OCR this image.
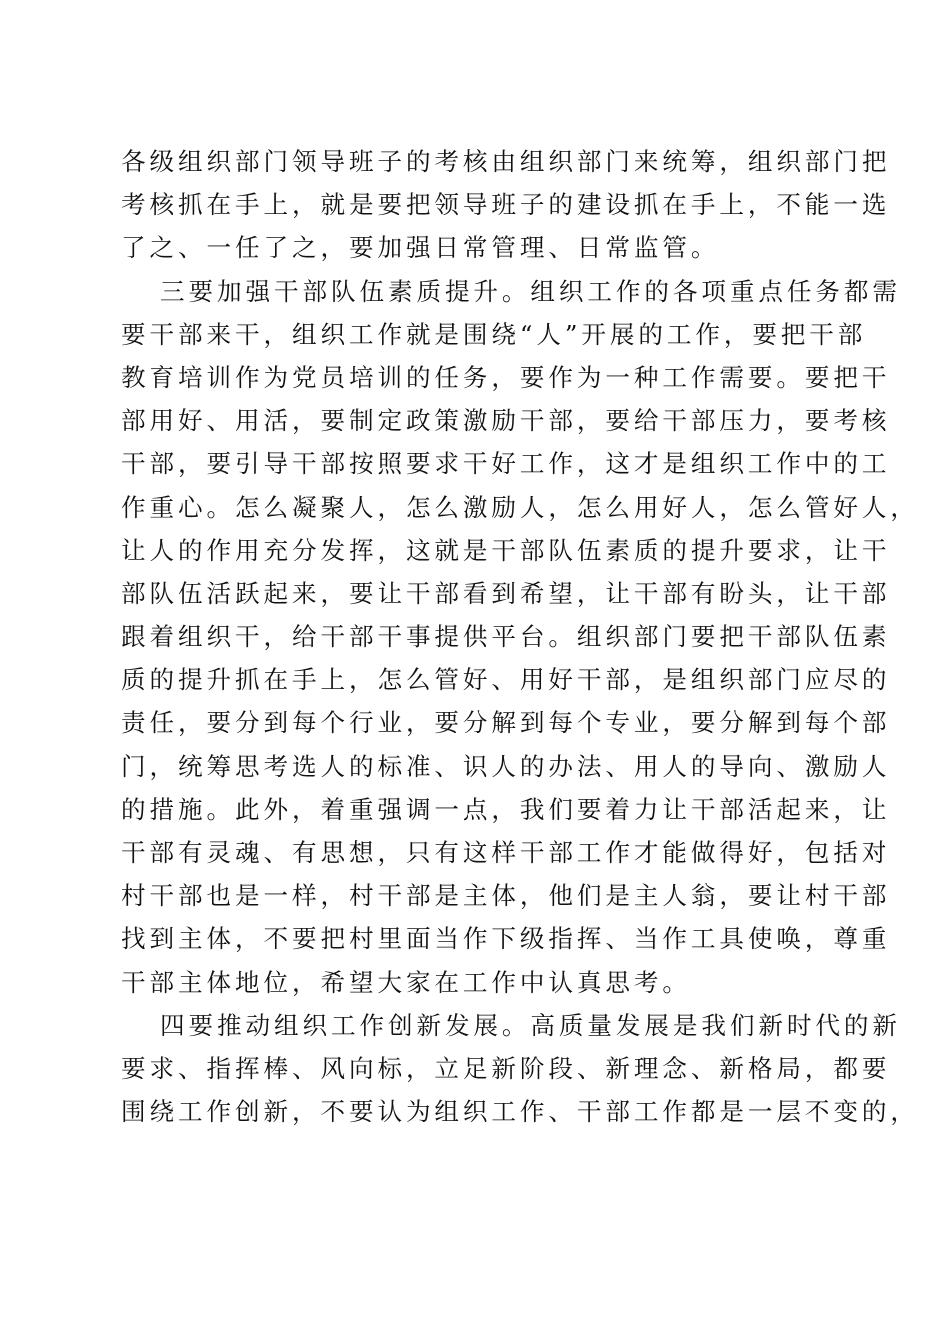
各级组织部门领导班子的考核由组织部门来统筹，组织部门把
考核抓在手上，就是要把领导班子的建设抓在手上，不能一选
了之、一任了之，要加强日常管理、日常监管。
三要加强干部队伍素质提升。组织工作的各项重点任务都需
要干部来干，组织工作就是围绕“人”开展的工作，要把干部
教育培训作为党员培训的任务，要作为一种工作需要。要把干
部用好、用活，要制定政策激励干部，要给干部压力，要考核
干部，要引导干部按照要求干好工作，这才是组织工作中的工
作重心。怎么凝聚人，怎么激励人，怎么用好人，怎么管好人，
让人的作用充分发挥，这就是干部队伍素质的提升要求，让干
部队伍活跃起来，要让干部看到希望，让干部有盼头，让干部
跟着组织干，给干部干事提供平台。组织部门要把干部队伍素
质的提升抓在手上，怎么管好、用好干部，是组织部门应尽的
责任，要分到每个行业，要分解到每个专业，要分解到每个部
门，统筹思考选人的标准、识人的办法、用人的导向、激励人
的措施。此外，着重强调一点，我们要着力让干部活起来，让
干部有灵魂、有思想，只有这样干部工作才能做得好，包括对
村干部也是一样，村干部是主体，他们是主人翁，要让村干部
找到主体，不要把村里面当作下级指挥、当作工具使唤，尊重
干部主体地位，希望大家在工作中认真思考。
四要推动组织工作创新发展。高质量发展是我们新时代的新
要求、指挥棒、风向标，立足新阶段、新理念、新格局，都要
围绕工作创新，不要认为组织工作、干部工作都是一层不变的，
